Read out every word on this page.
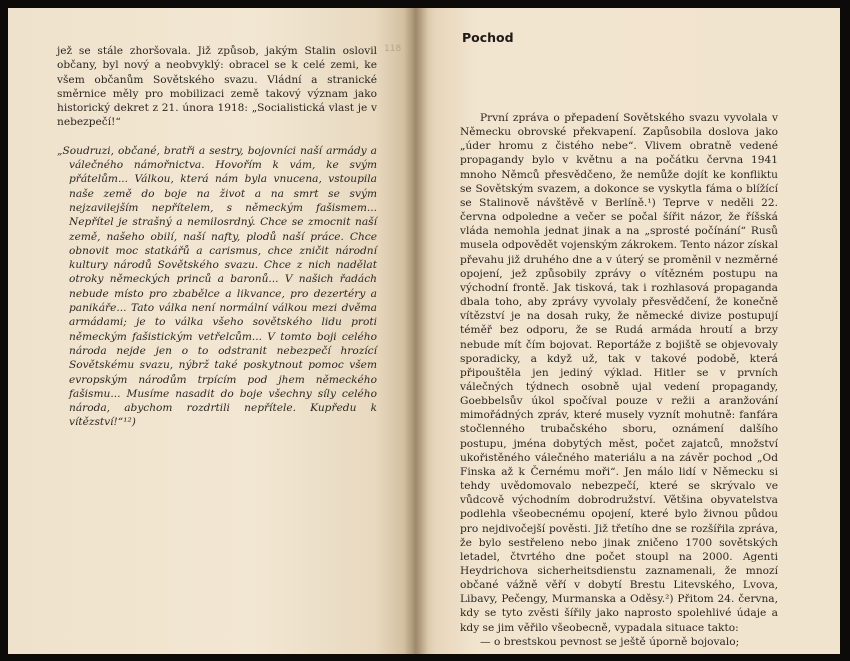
118

jež se stále zhoršovala. Již způsob, jakým Stalin oslovil občany, byl nový a neobvyklý: obracel se k celé zemi, ke všem občanům Sovětského svazu. Vládní a stranické směrnice měly pro mobilizaci země takový význam jako historický dekret z 21. února 1918: „Socialistická vlast je v nebezpečí!“

„Soudruzi, občané, bratři a sestry, bojovníci naší armády a válečného námořnictva. Hovořím k vám, ke svým přátelům... Válkou, která nám byla vnucena, vstoupila naše země do boje na život a na smrt se svým nejzavilejším nepřítelem, s německým fašismem... Nepřítel je strašný a nemilosrdný. Chce se zmocnit naší země, našeho obilí, naší nafty, plodů naší práce. Chce obnovit moc statkářů a carismus, chce zničit národní kultury národů Sovětského svazu. Chce z nich nadělat otroky německých princů a baronů... V našich řadách nebude místo pro zbabělce a likvance, pro dezertéry a panikáře... Tato válka není normální válkou mezi dvěma armádami; je to válka všeho sovětského lidu proti německým fašistickým vetřelcům... V tomto boji celého národa nejde jen o to odstranit nebezpečí hrozící Sovětskému svazu, nýbrž také poskytnout pomoc všem evropským národům trpícím pod jhem německého fašismu... Musíme nasadit do boje všechny síly celého národa, abychom rozdrtili nepřítele. Kupředu k vítězství!“¹²)

Pochod

První zpráva o přepadení Sovětského svazu vyvolala v Německu obrovské překvapení. Zapůsobila doslova jako „úder hromu z čistého nebe“. Vlivem obratně vedené propagandy bylo v květnu a na počátku června 1941 mnoho Němců přesvědčeno, že nemůže dojít ke konfliktu se Sovětským svazem, a dokonce se vyskytla fáma o blížící se Stalinově návštěvě v Berlíně.¹) Teprve v neděli 22. června odpoledne a večer se počal šířit názor, že říšská vláda nemohla jednat jinak a na „sprosté počínání“ Rusů musela odpovědět vojenským zákrokem. Tento názor získal převahu již druhého dne a v úterý se proměnil v nezměrné opojení, jež způsobily zprávy o vítězném postupu na východní frontě. Jak tisková, tak i rozhlasová propaganda dbala toho, aby zprávy vyvolaly přesvědčení, že konečně vítězství je na dosah ruky, že německé divize postupují téměř bez odporu, že se Rudá armáda hroutí a brzy nebude mít čím bojovat. Reportáže z bojiště se objevovaly sporadicky, a když už, tak v takové podobě, která připouštěla jen jediný výklad. Hitler se v prvních válečných týdnech osobně ujal vedení propagandy, Goebbelsův úkol spočíval pouze v režii a aranžování mimořádných zpráv, které musely vyznít mohutně: fanfára stočlenného trubačského sboru, oznámení dalšího postupu, jména dobytých měst, počet zajatců, množství ukořistěného válečného materiálu a na závěr pochod „Od Finska až k Černému moři“. Jen málo lidí v Německu si tehdy uvědomovalo nebezpečí, které se skrývalo ve vůdcově východním dobrodružství. Většina obyvatelstva podlehla všeobecnému opojení, které bylo živnou půdou pro nejdivočejší pověsti. Již třetího dne se rozšířila zpráva, že bylo sestřeleno nebo jinak zničeno 1700 sovětských letadel, čtvrtého dne počet stoupl na 2000. Agenti Heydrichova sicherheitsdienstu zaznamenali, že mnozí občané vážně věří v dobytí Brestu Litevského, Lvova, Libavy, Pečengy, Murmanska a Oděsy.²) Přitom 24. června, kdy se tyto zvěsti šířily jako naprosto spolehlivé údaje a kdy se jim věřilo všeobecně, vypadala situace takto:

— o brestskou pevnost se ještě úporně bojovalo;
